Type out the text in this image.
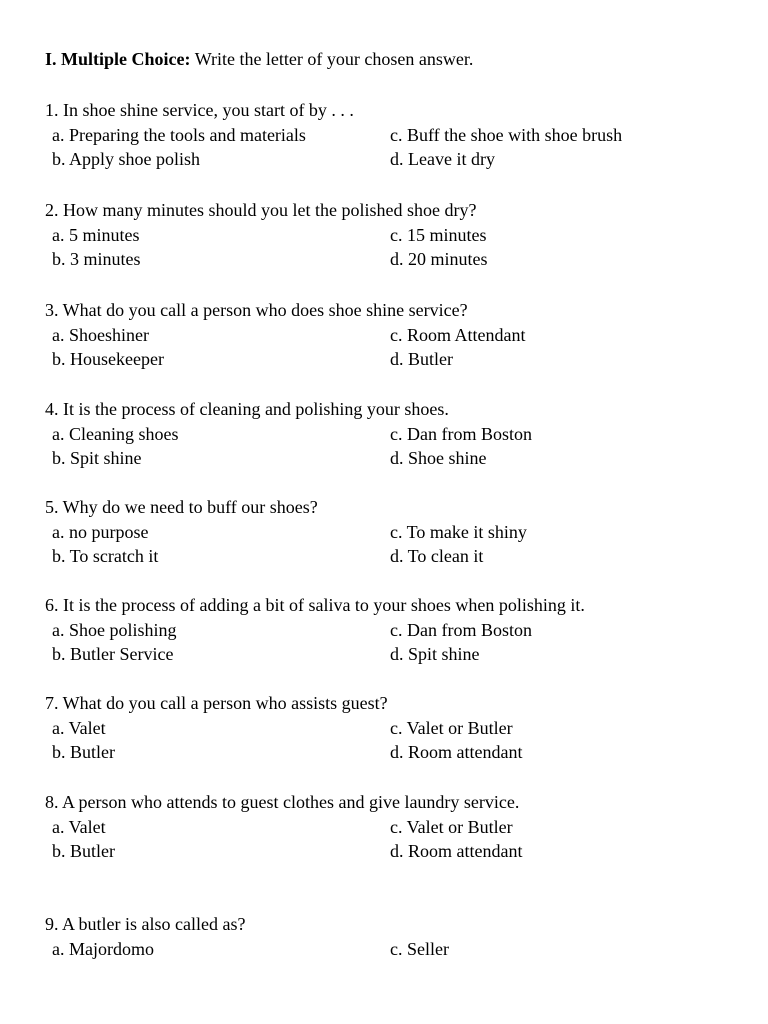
I. Multiple Choice: Write the letter of your chosen answer.
1. In shoe shine service, you start of by . . .
a. Preparing the tools and materials	c. Buff the shoe with shoe brush
b. Apply shoe polish	d. Leave it dry
2. How many minutes should you let the polished shoe dry?
a. 5 minutes	c. 15 minutes
b. 3 minutes	d. 20 minutes
3. What do you call a person who does shoe shine service?
a. Shoeshiner	c. Room Attendant
b. Housekeeper	d. Butler
4. It is the process of cleaning and polishing your shoes.
a. Cleaning shoes	c. Dan from Boston
b. Spit shine	d. Shoe shine
5. Why do we need to buff our shoes?
a. no purpose	c. To make it shiny
b. To scratch it	d. To clean it
6. It is the process of adding a bit of saliva to your shoes when polishing it.
a. Shoe polishing	c. Dan from Boston
b. Butler Service	d. Spit shine
7. What do you call a person who assists guest?
a. Valet	c. Valet or Butler
b. Butler	d. Room attendant
8. A person who attends to guest clothes and give laundry service.
a. Valet	c. Valet or Butler
b. Butler	d. Room attendant
9. A butler is also called as?
a. Majordomo	c. Seller
